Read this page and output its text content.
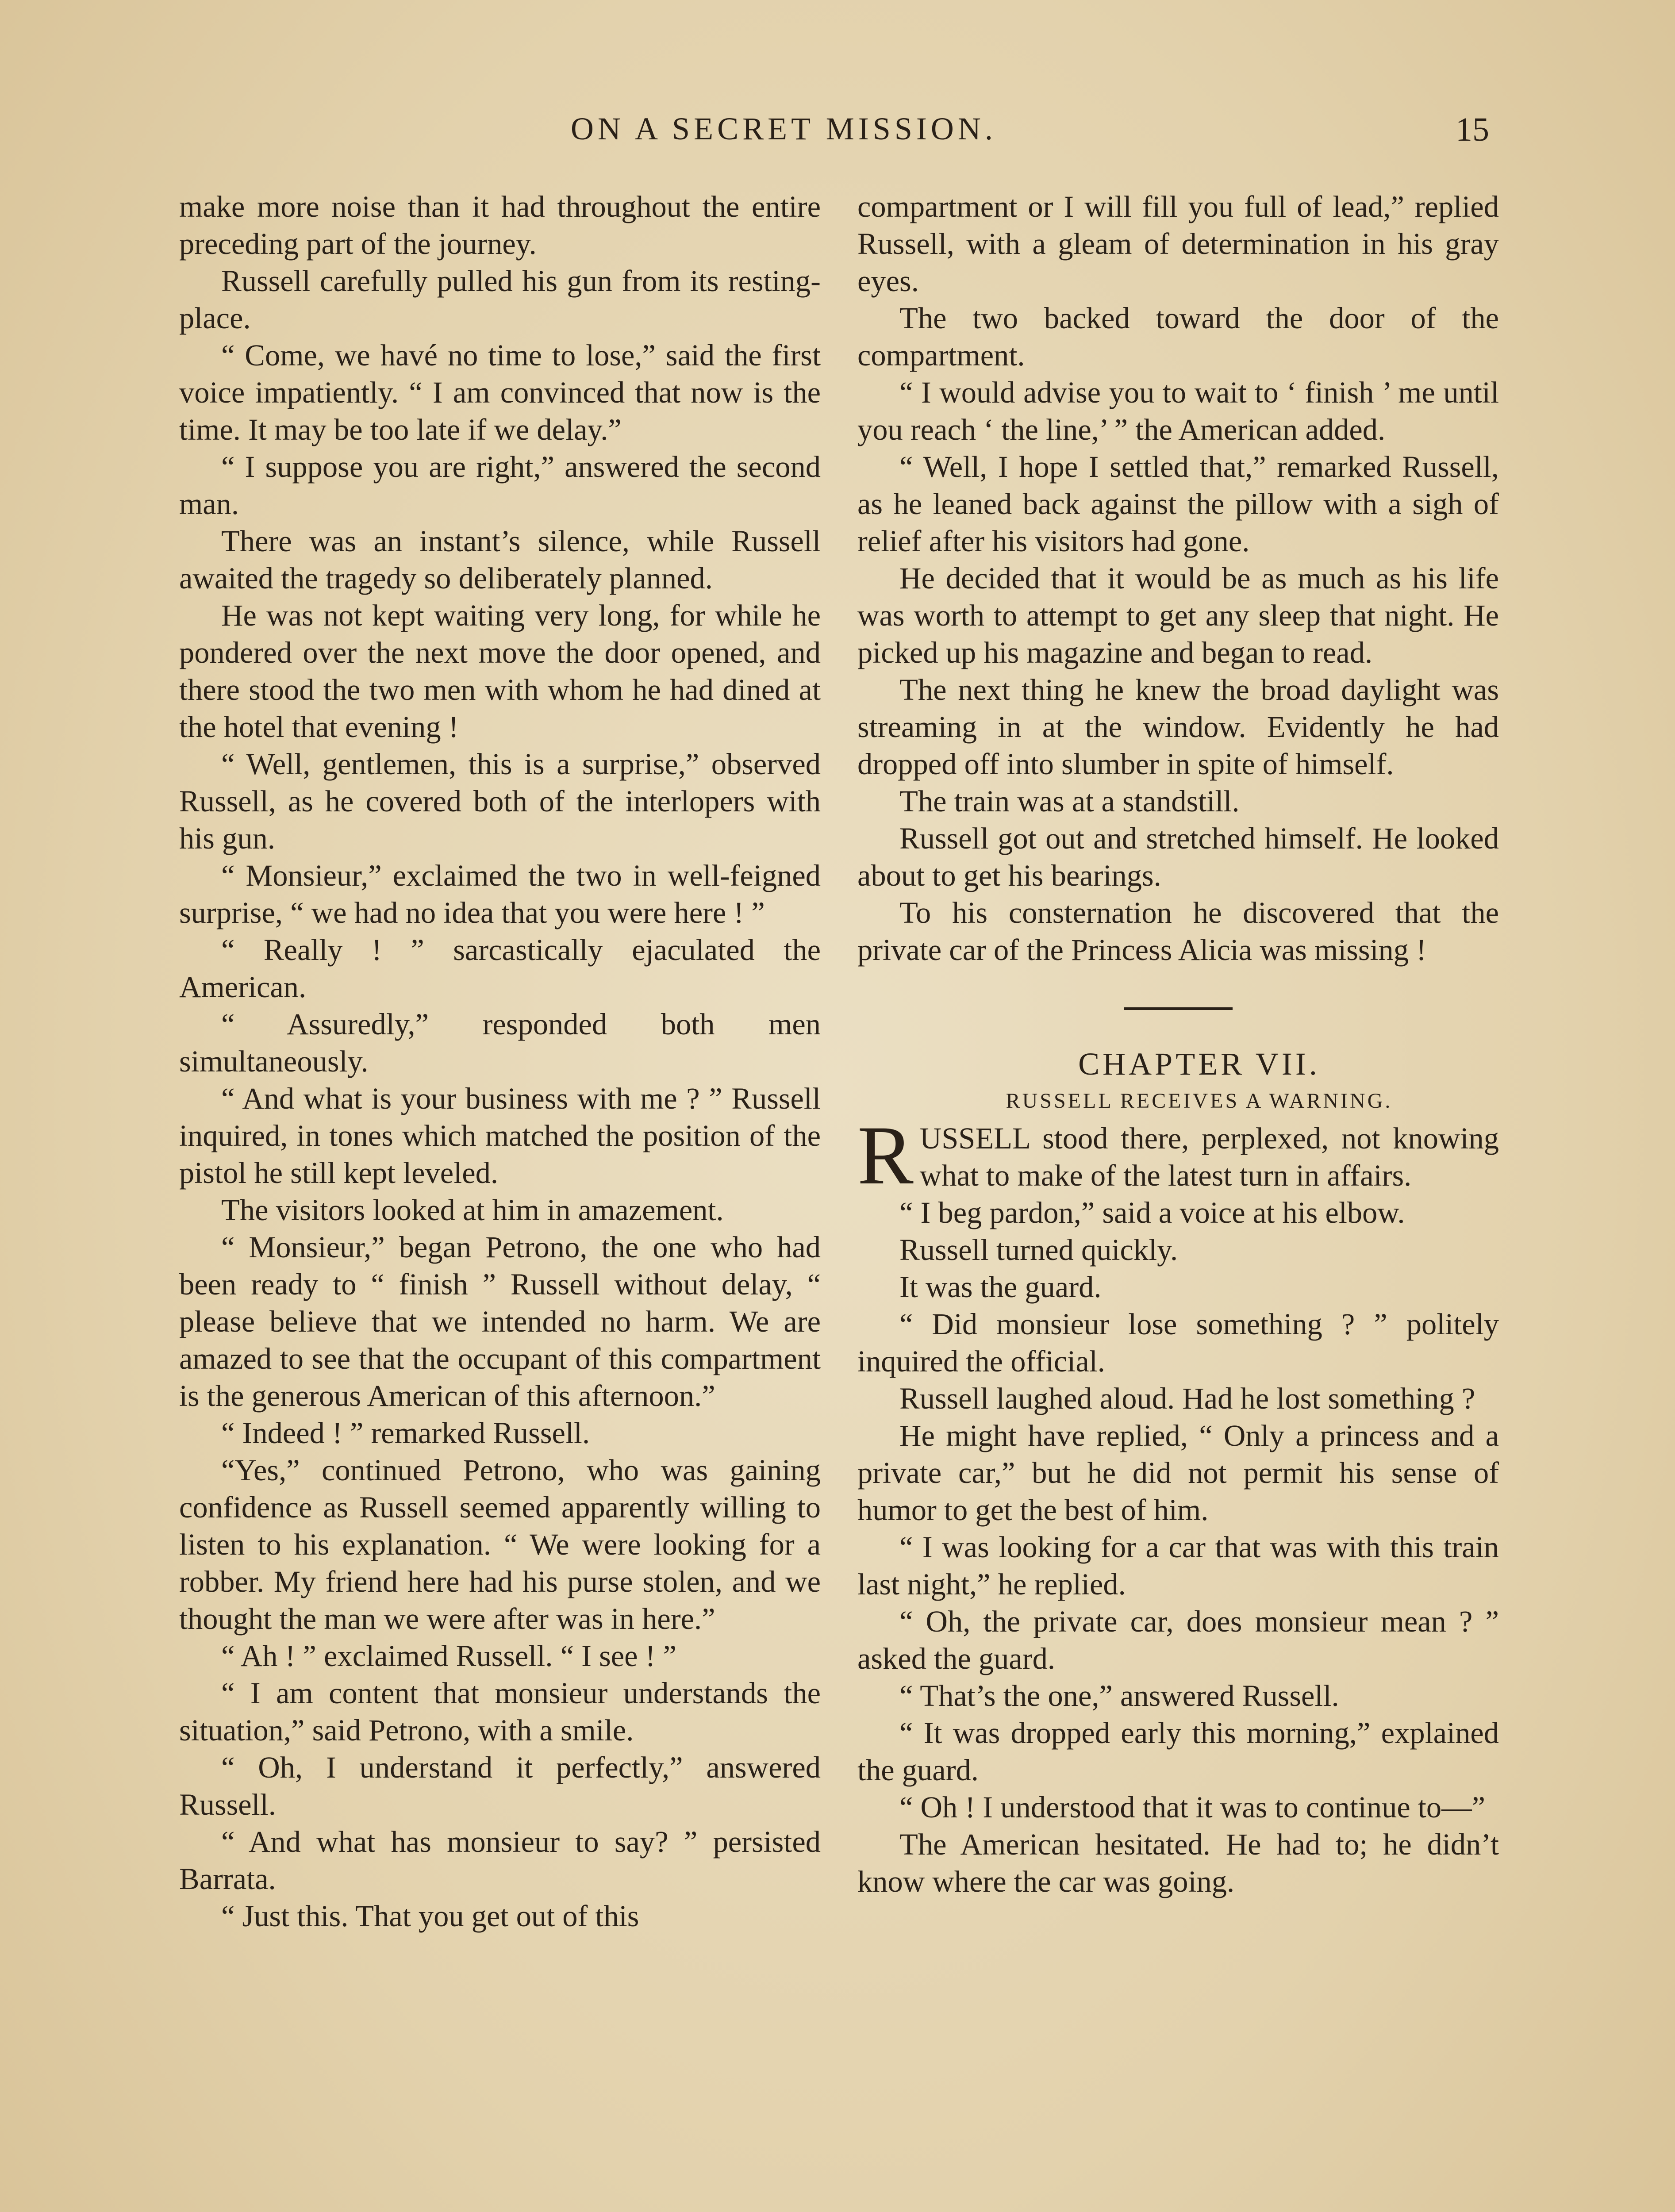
ON A SECRET MISSION.	15

make more noise than it had throughout the entire preceding part of the journey.

Russell carefully pulled his gun from its resting-place.

“ Come, we havé no time to lose,” said the first voice impatiently. “ I am convinced that now is the time. It may be too late if we delay.”

“ I suppose you are right,” answered the second man.

There was an instant’s silence, while Russell awaited the tragedy so deliberately planned.

He was not kept waiting very long, for while he pondered over the next move the door opened, and there stood the two men with whom he had dined at the hotel that evening !

“ Well, gentlemen, this is a surprise,” observed Russell, as he covered both of the interlopers with his gun.

“ Monsieur,” exclaimed the two in well-feigned surprise, “ we had no idea that you were here ! ”

“ Really ! ” sarcastically ejaculated the American.

“ Assuredly,” responded both men simultaneously.

“ And what is your business with me ? ” Russell inquired, in tones which matched the position of the pistol he still kept leveled.

The visitors looked at him in amazement.

“ Monsieur,” began Petrono, the one who had been ready to “ finish ” Russell without delay, “ please believe that we intended no harm. We are amazed to see that the occupant of this compartment is the generous American of this afternoon.”

“ Indeed ! ” remarked Russell.

“Yes,” continued Petrono, who was gaining confidence as Russell seemed apparently willing to listen to his explanation. “ We were looking for a robber. My friend here had his purse stolen, and we thought the man we were after was in here.”

“ Ah ! ” exclaimed Russell. “ I see ! ”

“ I am content that monsieur understands the situation,” said Petrono, with a smile.

“ Oh, I understand it perfectly,” answered Russell.

“ And what has monsieur to say? ” persisted Barrata.

“ Just this. That you get out of this

compartment or I will fill you full of lead,” replied Russell, with a gleam of determination in his gray eyes.

The two backed toward the door of the compartment.

“ I would advise you to wait to ‘ finish ’ me until you reach ‘ the line,’ ” the American added.

“ Well, I hope I settled that,” remarked Russell, as he leaned back against the pillow with a sigh of relief after his visitors had gone.

He decided that it would be as much as his life was worth to attempt to get any sleep that night. He picked up his magazine and began to read.

The next thing he knew the broad daylight was streaming in at the window. Evidently he had dropped off into slumber in spite of himself.

The train was at a standstill.

Russell got out and stretched himself. He looked about to get his bearings.

To his consternation he discovered that the private car of the Princess Alicia was missing !

CHAPTER VII.

RUSSELL RECEIVES A WARNING.

RUSSELL stood there, perplexed, not knowing what to make of the latest turn in affairs.

“ I beg pardon,” said a voice at his elbow.

Russell turned quickly.

It was the guard.

“ Did monsieur lose something ? ” politely inquired the official.

Russell laughed aloud. Had he lost something ?

He might have replied, “ Only a princess and a private car,” but he did not permit his sense of humor to get the best of him.

“ I was looking for a car that was with this train last night,” he replied.

“ Oh, the private car, does monsieur mean ? ” asked the guard.

“ That’s the one,” answered Russell.

“ It was dropped early this morning,” explained the guard.

“ Oh ! I understood that it was to continue to—”

The American hesitated. He had to; he didn’t know where the car was going.
